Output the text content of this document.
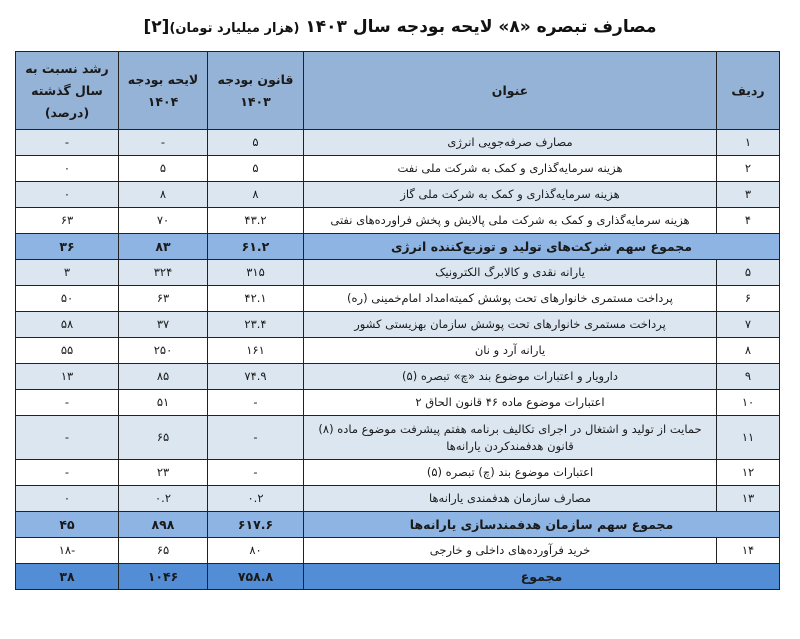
مصارف تبصره «۸» لایحه بودجه سال ۱۴۰۳ (هزار میلیارد تومان)[۲]
ردیف	عنوان	قانون بودجه ۱۴۰۳	لایحه بودجه ۱۴۰۴	رشد نسبت به سال گذشته (درصد)
۱	مصارف صرفه‌جویی انرژی	۵	-	-
۲	هزینه سرمایه‌گذاری و کمک به شرکت ملی نفت	۵	۵	۰
۳	هزینه سرمایه‌گذاری و کمک به شرکت ملی گاز	۸	۸	۰
۴	هزینه سرمایه‌گذاری و کمک به شرکت ملی پالایش و پخش فراورده‌های نفتی	۴۳.۲	۷۰	۶۳
مجموع سهم شرکت‌های تولید و توزیع‌کننده انرژی		۶۱.۲	۸۳	۳۶
۵	یارانه نقدی و کالابرگ الکترونیک	۳۱۵	۳۲۴	۳
۶	پرداخت مستمری خانوارهای تحت پوشش کمیته‌امداد امام‌خمینی (ره)	۴۲.۱	۶۳	۵۰
۷	پرداخت مستمری خانوارهای تحت پوشش سازمان بهزیستی کشور	۲۳.۴	۳۷	۵۸
۸	یارانه آرد و نان	۱۶۱	۲۵۰	۵۵
۹	دارویار و اعتبارات موضوع بند «چ» تبصره (۵)	۷۴.۹	۸۵	۱۳
۱۰	اعتبارات موضوع ماده ۴۶ قانون الحاق ۲	-	۵۱	-
۱۱	حمایت از تولید و اشتغال در اجرای تکالیف برنامه هفتم پیشرفت موضوع ماده (۸) قانون هدفمندکردن یارانه‌ها	-	۶۵	-
۱۲	اعتبارات موضوع بند (چ) تبصره (۵)	-	۲۳	-
۱۳	مصارف سازمان هدفمندی یارانه‌ها	۰.۲	۰.۲	۰
مجموع سهم سازمان هدفمندسازی یارانه‌ها		۶۱۷.۶	۸۹۸	۴۵
۱۴	خرید فرآورده‌های داخلی و خارجی	۸۰	۶۵	-۱۸
مجموع		۷۵۸.۸	۱۰۴۶	۳۸
